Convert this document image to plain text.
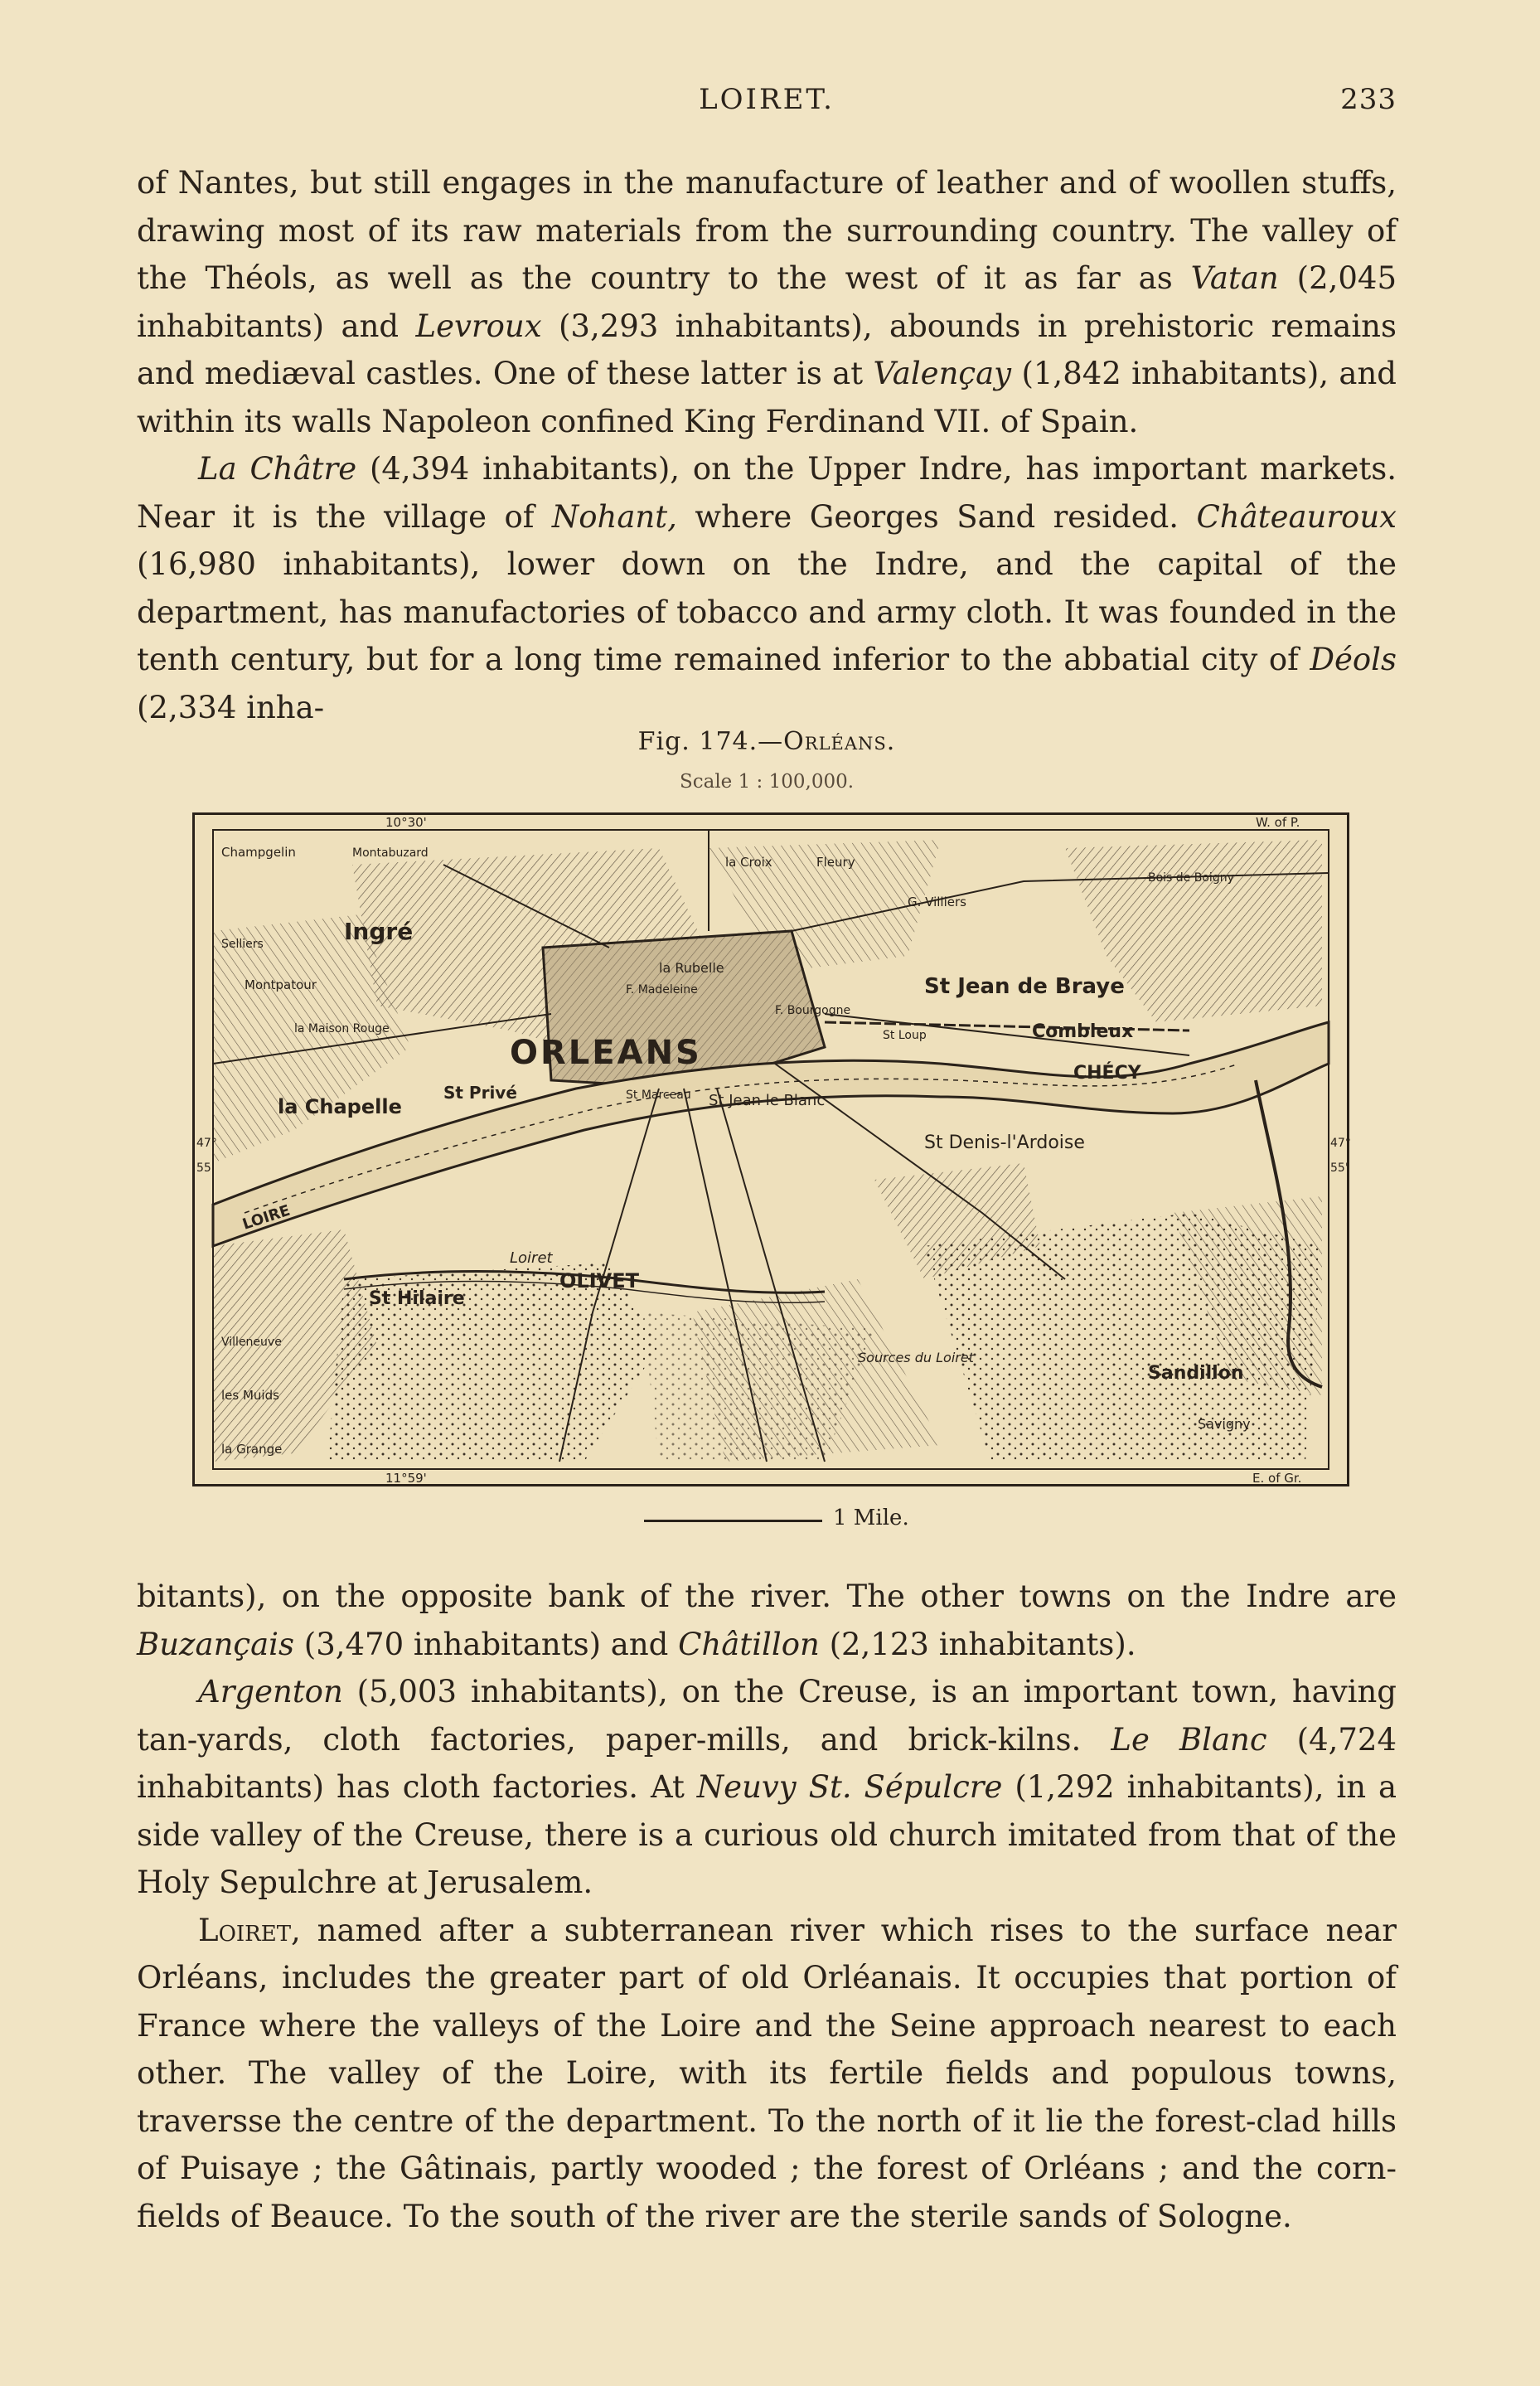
LOIRET.	233

of Nantes, but still engages in the manufacture of leather and of woollen stuffs, drawing most of its raw materials from the surrounding country. The valley of the Théols, as well as the country to the west of it as far as Vatan (2,045 inhabitants) and Levroux (3,293 inhabitants), abounds in prehistoric remains and mediæval castles. One of these latter is at Valençay (1,842 inhabitants), and within its walls Napoleon confined King Ferdinand VII. of Spain.

La Châtre (4,394 inhabitants), on the Upper Indre, has important markets. Near it is the village of Nohant, where Georges Sand resided. Châteauroux (16,980 inhabitants), lower down on the Indre, and the capital of the department, has manufactories of tobacco and army cloth. It was founded in the tenth century, but for a long time remained inferior to the abbatial city of Déols (2,334 inha-

Fig. 174.—Orléans.
Scale 1 : 100,000.
10°30'	W. of P.
11°59'	E. of Gr.
47°
55'
47°
55'
ORLEANS
Ingré
la Chapelle
OLIVET
St Hilaire
St Denis-l'Ardoise
CHÉCY
Combleux
Sandillon
Savigny
St Jean le Blanc
St Privé
Loiret
LOIRE
Sources du Loiret
St Jean de Braye
Fleury
la Croix
G. Villiers
Montpatour
Champgelin	Montabuzard
Selliers
la Maison Rouge
la Grange
les Muids
Villeneuve
F. Bourgogne
F. Madeleine
la Rubelle
Bois de Boigny
St Marceau
St Loup
1 Mile.

bitants), on the opposite bank of the river. The other towns on the Indre are Buzançais (3,470 inhabitants) and Châtillon (2,123 inhabitants).

Argenton (5,003 inhabitants), on the Creuse, is an important town, having tan-yards, cloth factories, paper-mills, and brick-kilns. Le Blanc (4,724 inhabitants) has cloth factories. At Neuvy St. Sépulcre (1,292 inhabitants), in a side valley of the Creuse, there is a curious old church imitated from that of the Holy Sepulchre at Jerusalem.

Loiret, named after a subterranean river which rises to the surface near Orléans, includes the greater part of old Orléanais. It occupies that portion of France where the valleys of the Loire and the Seine approach nearest to each other. The valley of the Loire, with its fertile fields and populous towns, traversse the centre of the department. To the north of it lie the forest-clad hills of Puisaye ; the Gâtinais, partly wooded ; the forest of Orléans ; and the corn-fields of Beauce. To the south of the river are the sterile sands of Sologne.
